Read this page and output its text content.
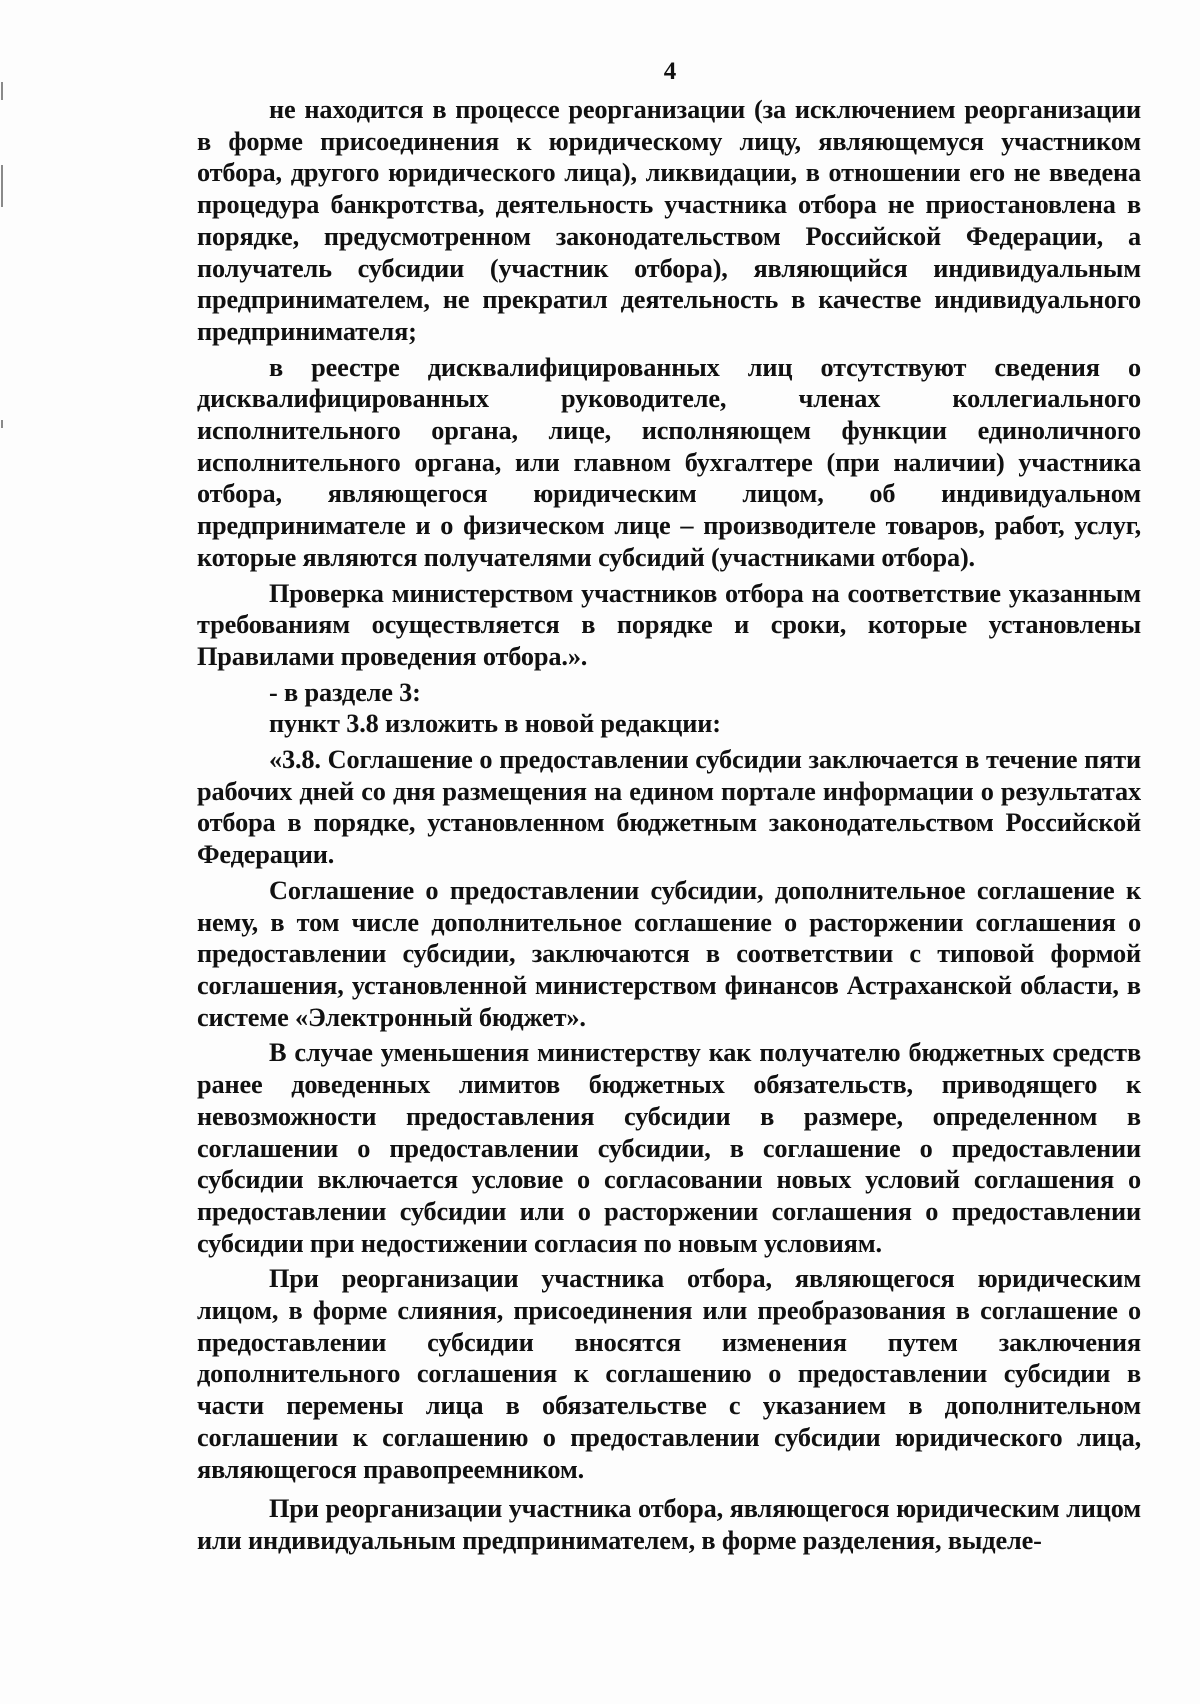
4

не находится в процессе реорганизации (за исключением реорганизации в форме присоединения к юридическому лицу, являющемуся участником отбора, другого юридического лица), ликвидации, в отношении его не введена процедура банкротства, деятельность участника отбора не приостановлена в порядке, предусмотренном законодательством Российской Федерации, а получатель субсидии (участник отбора), являющийся индивидуальным предпринимателем, не прекратил деятельность в качестве индивидуального предпринимателя;

в реестре дисквалифицированных лиц отсутствуют сведения о дисквалифицированных руководителе, членах коллегиального исполнительного органа, лице, исполняющем функции единоличного исполнительного органа, или главном бухгалтере (при наличии) участника отбора, являющегося юридическим лицом, об индивидуальном предпринимателе и о физическом лице – производителе товаров, работ, услуг, которые являются получателями субсидий (участниками отбора).

Проверка министерством участников отбора на соответствие указанным требованиям осуществляется в порядке и сроки, которые установлены Правилами проведения отбора.».

- в разделе 3:

пункт 3.8 изложить в новой редакции:

«3.8. Соглашение о предоставлении субсидии заключается в течение пяти рабочих дней со дня размещения на едином портале информации о результатах отбора в порядке, установленном бюджетным законодательством Российской Федерации.

Соглашение о предоставлении субсидии, дополнительное соглашение к нему, в том числе дополнительное соглашение о расторжении соглашения о предоставлении субсидии, заключаются в соответствии с типовой формой соглашения, установленной министерством финансов Астраханской области, в системе «Электронный бюджет».

В случае уменьшения министерству как получателю бюджетных средств ранее доведенных лимитов бюджетных обязательств, приводящего к невозможности предоставления субсидии в размере, определенном в соглашении о предоставлении субсидии, в соглашение о предоставлении субсидии включается условие о согласовании новых условий соглашения о предоставлении субсидии или о расторжении соглашения о предоставлении субсидии при недостижении согласия по новым условиям.

При реорганизации участника отбора, являющегося юридическим лицом, в форме слияния, присоединения или преобразования в соглашение о предоставлении субсидии вносятся изменения путем заключения дополнительного соглашения к соглашению о предоставлении субсидии в части перемены лица в обязательстве с указанием в дополнительном соглашении к соглашению о предоставлении субсидии юридического лица, являющегося правопреемником.

При реорганизации участника отбора, являющегося юридическим лицом или индивидуальным предпринимателем, в форме разделения, выделе-
